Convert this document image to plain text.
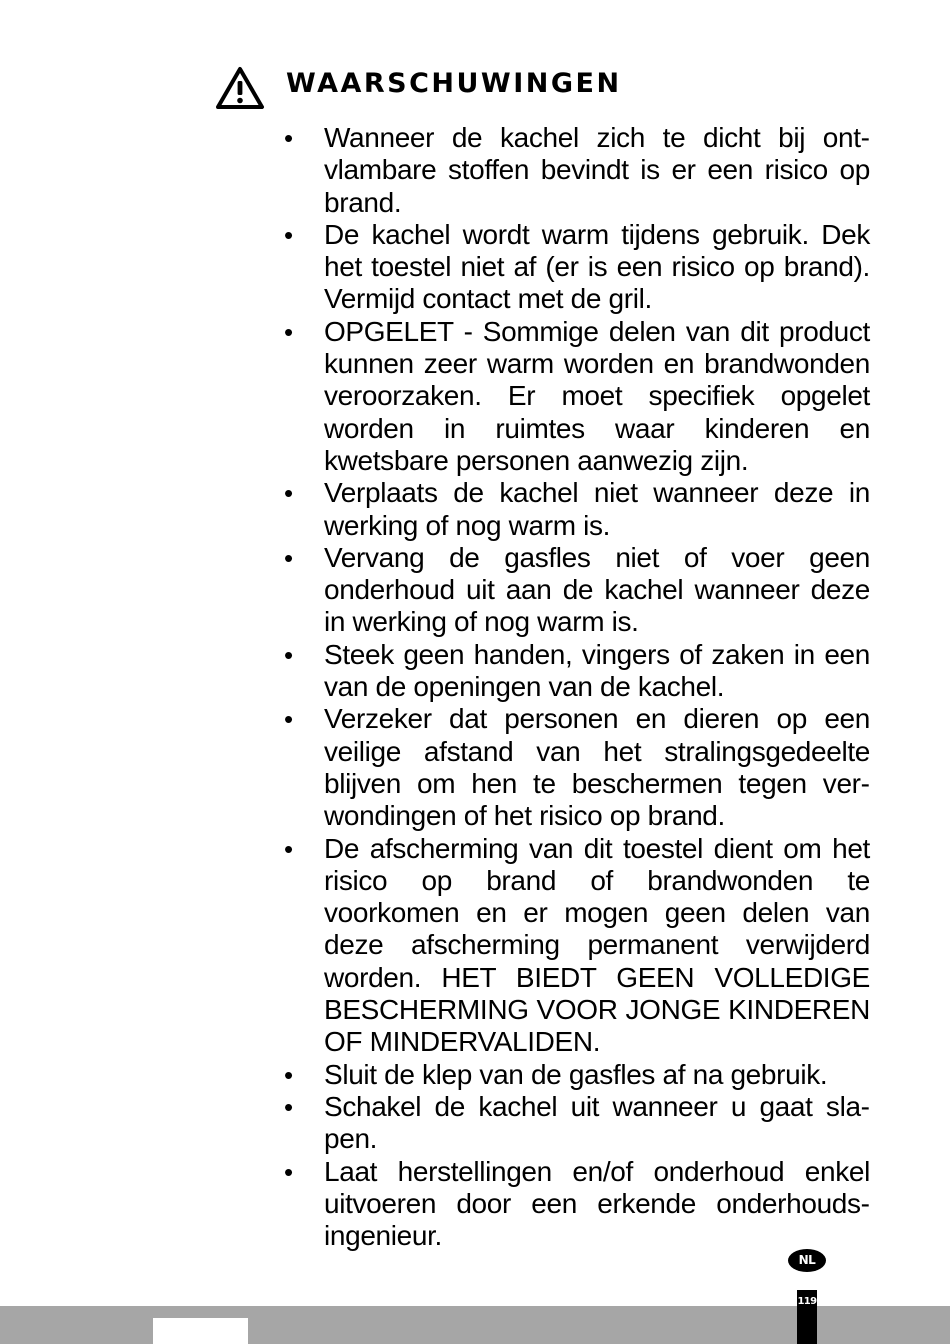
WAARSCHUWINGEN
• Wanneer de kachel zich te dicht bij ontvlambare stoffen bevindt is er een risico op brand.
• De kachel wordt warm tijdens gebruik. Dek het toestel niet af (er is een risico op brand). Vermijd contact met de gril.
• OPGELET - Sommige delen van dit product kunnen zeer warm worden en brandwonden veroorzaken. Er moet specifiek opgelet worden in ruimtes waar kinderen en kwetsbare personen aanwezig zijn.
• Verplaats de kachel niet wanneer deze in werking of nog warm is.
• Vervang de gasfles niet of voer geen onderhoud uit aan de kachel wanneer deze in werking of nog warm is.
• Steek geen handen, vingers of zaken in een van de openingen van de kachel.
• Verzeker dat personen en dieren op een veilige afstand van het stralingsgedeelte blijven om hen te beschermen tegen verwondingen of het risico op brand.
• De afscherming van dit toestel dient om het risico op brand of brandwonden te voorkomen en er mogen geen delen van deze afscherming permanent verwijderd worden. HET BIEDT GEEN VOLLEDIGE BESCHERMING VOOR JONGE KINDEREN OF MINDERVALIDEN.
• Sluit de klep van de gasfles af na gebruik.
• Schakel de kachel uit wanneer u gaat slapen.
• Laat herstellingen en/of onderhoud enkel uitvoeren door een erkende onderhoudsingenieur.
NL
119
